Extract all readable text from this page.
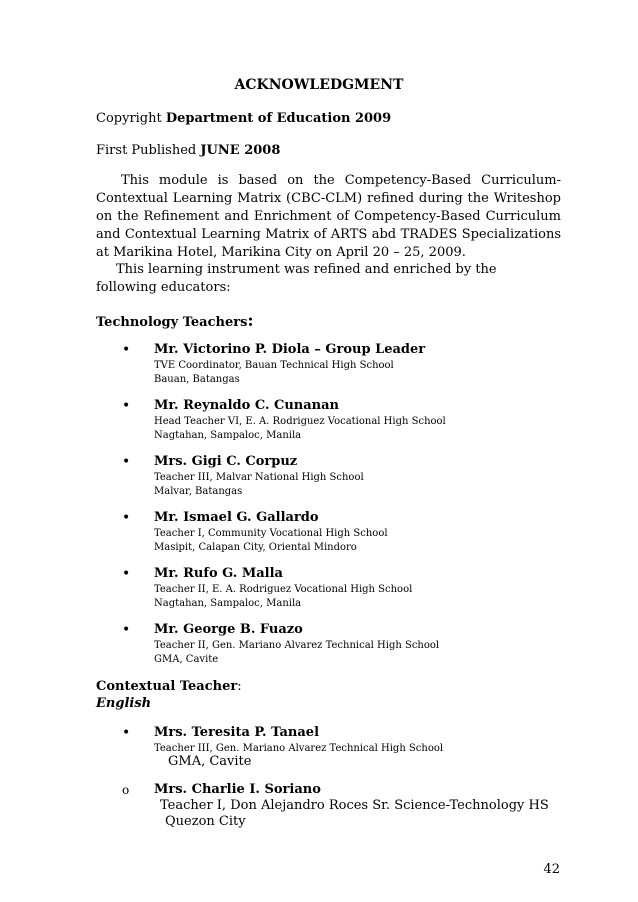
ACKNOWLEDGMENT
Copyright Department of Education 2009
First Published JUNE 2008
This module is based on the Competency-Based Curriculum-Contextual Learning Matrix (CBC-CLM) refined during the Writeshop on the Refinement and Enrichment of Competency-Based Curriculum and Contextual Learning Matrix of ARTS abd TRADES Specializations at Marikina Hotel, Marikina City on April 20 – 25, 2009.
This learning instrument was refined and enriched by the following educators:
Technology Teachers:
•	Mr. Victorino P. Diola – Group Leader
TVE Coordinator, Bauan Technical High School
Bauan, Batangas
•	Mr. Reynaldo C. Cunanan
Head Teacher VI, E. A. Rodriguez Vocational High School
Nagtahan, Sampaloc, Manila
•	Mrs. Gigi C. Corpuz
Teacher III, Malvar National High School
Malvar, Batangas
•	Mr. Ismael G. Gallardo
Teacher I, Community Vocational High School
Masipit, Calapan City, Oriental Mindoro
•	Mr. Rufo G. Malla
Teacher II, E. A. Rodriguez Vocational High School
Nagtahan, Sampaloc, Manila
•	Mr. George B. Fuazo
Teacher II, Gen. Mariano Alvarez Technical High School
GMA, Cavite
Contextual Teacher:
English
•	Mrs. Teresita P. Tanael
Teacher III, Gen. Mariano Alvarez Technical High School
GMA, Cavite
o	Mrs. Charlie I. Soriano
Teacher I, Don Alejandro Roces Sr. Science-Technology HS
Quezon City
42
